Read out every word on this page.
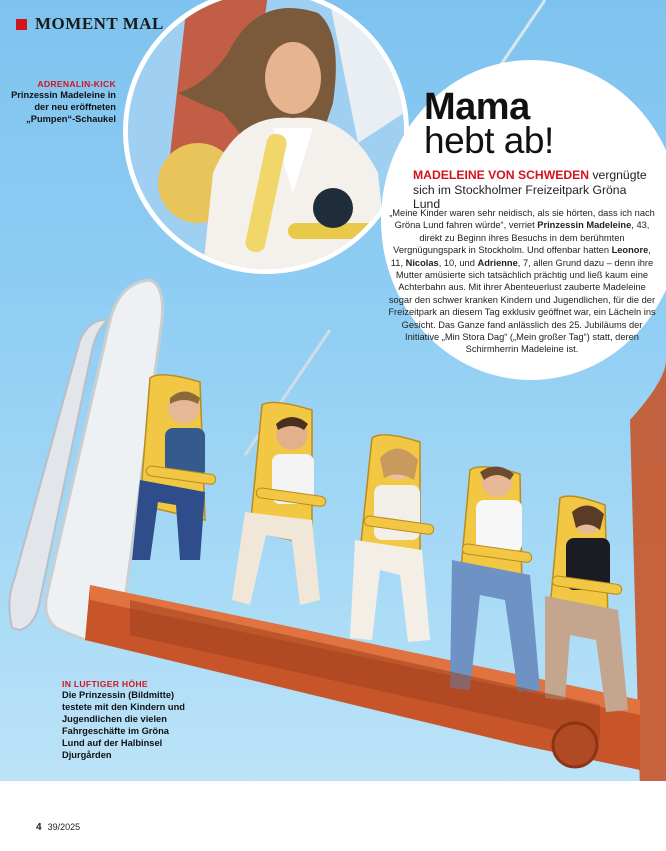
MOMENT MAL
ADRENALIN-KICK
Prinzessin Madeleine in der neu eröffneten „Pumpen“-Schaukel
IN LUFTIGER HÖHE
Die Prinzessin (Bildmitte) testete mit den Kindern und Jugendlichen die vielen Fahrgeschäfte im Gröna Lund auf der Halbinsel Djurgården
Mama
hebt ab!
MADELEINE VON SCHWEDEN vergnügte sich im Stockholmer Freizeitpark Gröna Lund
„Meine Kinder waren sehr neidisch, als sie hörten, dass ich nach Gröna Lund fahren würde“, verriet Prinzessin Madeleine, 43, direkt zu Beginn ihres Besuchs in dem berühmten Vergnügungspark in Stockholm. Und offenbar hatten Leonore, 11, Nicolas, 10, und Adrienne, 7, allen Grund dazu – denn ihre Mutter amüsierte sich tatsächlich prächtig und ließ kaum eine Achterbahn aus. Mit ihrer Abenteuerlust zauberte Madeleine sogar den schwer kranken Kindern und Jugendlichen, für die der Freizeitpark an diesem Tag exklusiv geöffnet war, ein Lächeln ins Gesicht. Das Ganze fand anlässlich des 25. Jubiläums der Initiative „Min Stora Dag“ („Mein großer Tag“) statt, deren Schirmherrin Madeleine ist.
4 39/2025
